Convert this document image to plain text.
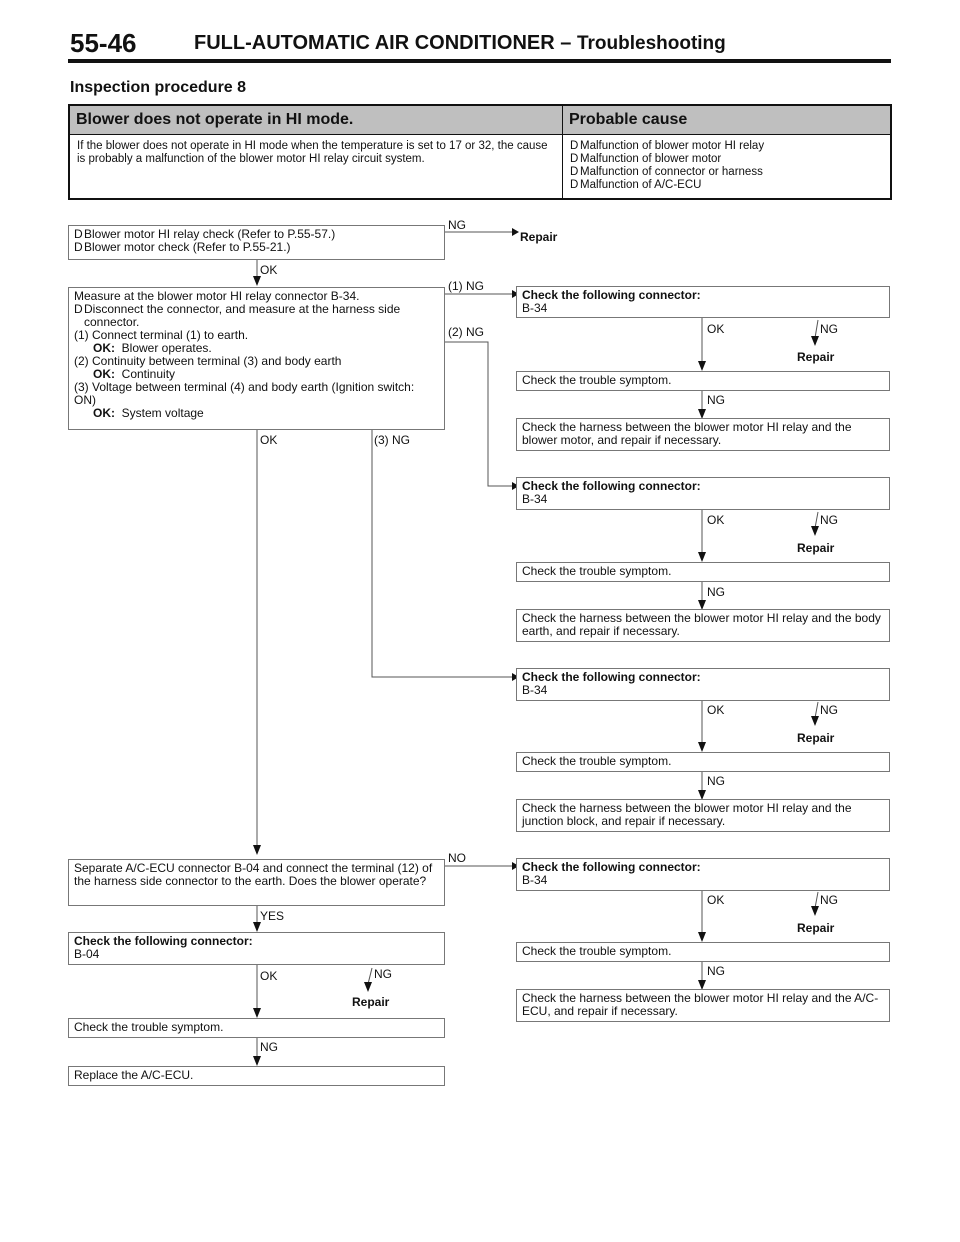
55-46	FULL-AUTOMATIC AIR CONDITIONER – Troubleshooting
Inspection procedure 8
Blower does not operate in HI mode.	Probable cause
If the blower does not operate in HI mode when the temperature is set to 17 or 32, the cause is probably a malfunction of the blower motor HI relay circuit system.	D Malfunction of blower motor HI relay
D Malfunction of blower motor
D Malfunction of connector or harness
D Malfunction of A/C-ECU
DBlower motor HI relay check (Refer to P.55-57.)
DBlower motor check (Refer to P.55-21.)
NG
Repair
OK
Measure at the blower motor HI relay connector B-34.
D Disconnect the connector, and measure at the harness side connector.
(1) Connect terminal (1) to earth.
OK: Blower operates.
(2) Continuity between terminal (3) and body earth
OK: Continuity
(3) Voltage between terminal (4) and body earth (Ignition switch: ON)
OK: System voltage
(1) NG
(2) NG
(3) NG
OK
Check the following connector:
B-34
OK	NG
Repair
Check the trouble symptom.
NG
Check the harness between the blower motor HI relay and the blower motor, and repair if necessary.
Check the following connector:
B-34
OK	NG
Repair
Check the trouble symptom.
NG
Check the harness between the blower motor HI relay and the body earth, and repair if necessary.
Check the following connector:
B-34
OK	NG
Repair
Check the trouble symptom.
NG
Check the harness between the blower motor HI relay and the junction block, and repair if necessary.
Separate A/C-ECU connector B-04 and connect the terminal (12) of the harness side connector to the earth. Does the blower operate?
NO
YES
Check the following connector:
B-34
OK	NG
Repair
Check the trouble symptom.
NG
Check the harness between the blower motor HI relay and the A/C-ECU, and repair if necessary.
Check the following connector:
B-04
OK	NG
Repair
Check the trouble symptom.
NG
Replace the A/C-ECU.
